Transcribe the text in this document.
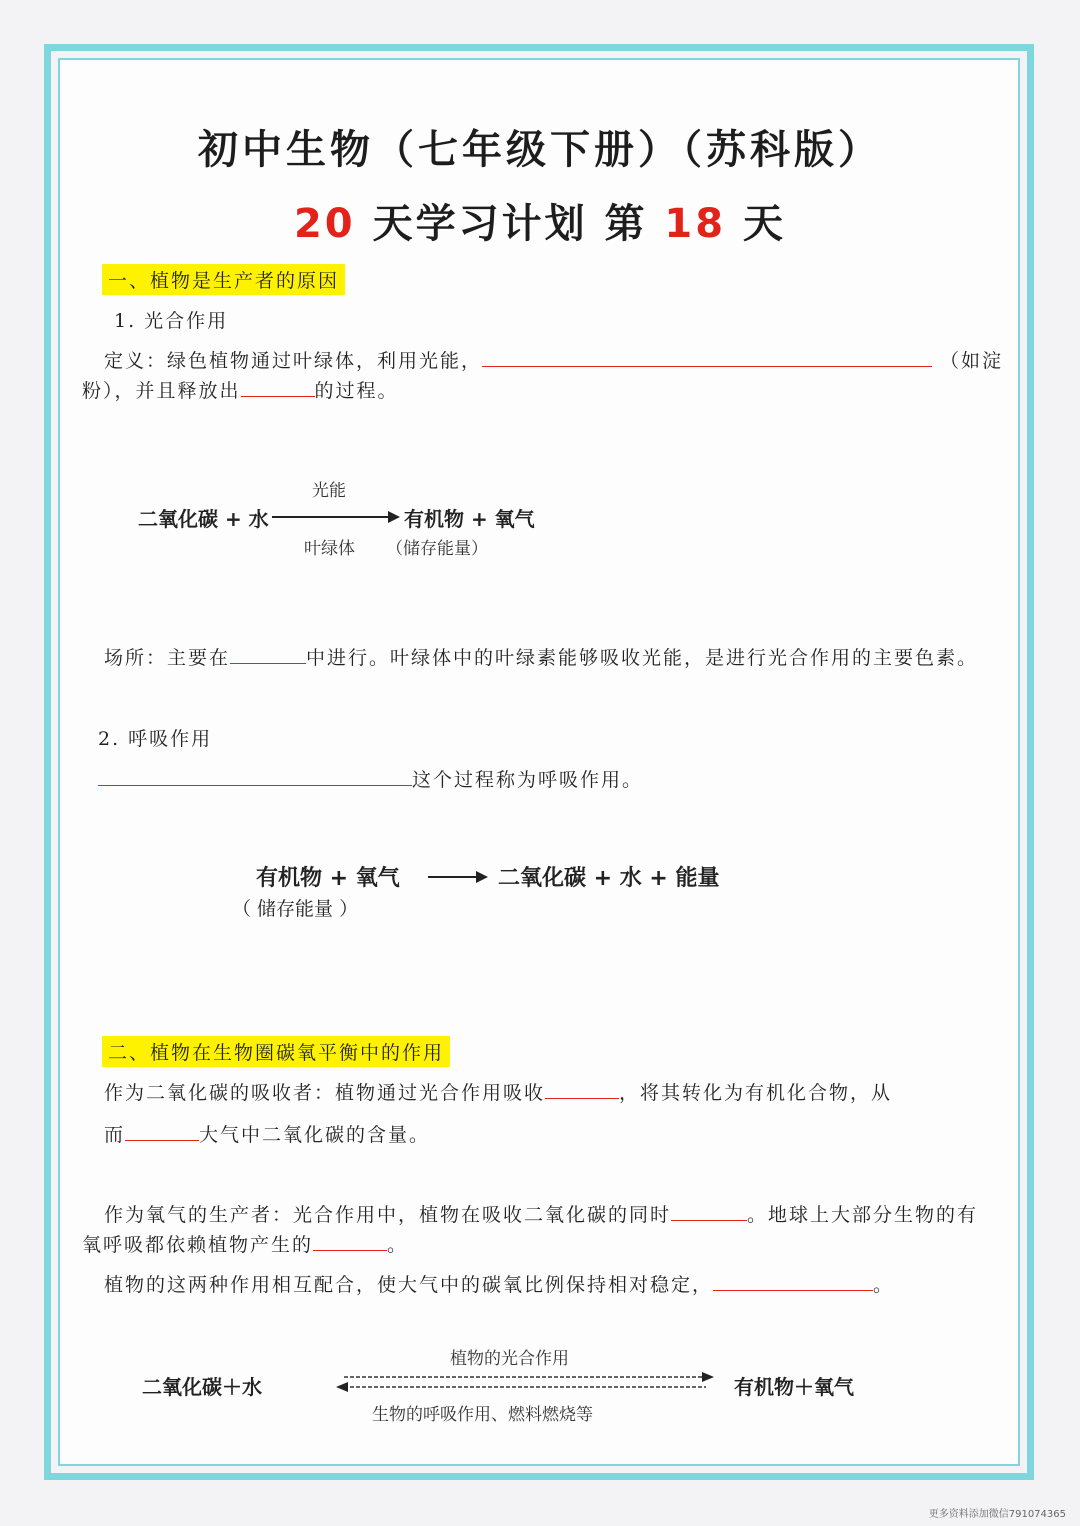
初中生物（七年级下册）（苏科版）
20 天学习计划 第 18 天
一、植物是生产者的原因
1. 光合作用
定义：绿色植物通过叶绿体，利用光能，	（如淀
粉），并且释放出	的过程。
光能
二氧化碳 + 水	有机物 + 氧气
叶绿体 （储存能量）
场所：主要在	中进行。叶绿体中的叶绿素能够吸收光能，是进行光合作用的主要色素。
2. 呼吸作用
这个过程称为呼吸作用。
有机物 + 氧气	二氧化碳 + 水 + 能量
（ 储存能量 ）
二、植物在生物圈碳氧平衡中的作用
作为二氧化碳的吸收者：植物通过光合作用吸收	，将其转化为有机化合物，从
而	大气中二氧化碳的含量。
作为氧气的生产者：光合作用中，植物在吸收二氧化碳的同时	。地球上大部分生物的有
氧呼吸都依赖植物产生的	。
植物的这两种作用相互配合，使大气中的碳氧比例保持相对稳定，	。
植物的光合作用
二氧化碳＋水	有机物＋氧气
生物的呼吸作用、燃料燃烧等
更多资料添加微信791074365
